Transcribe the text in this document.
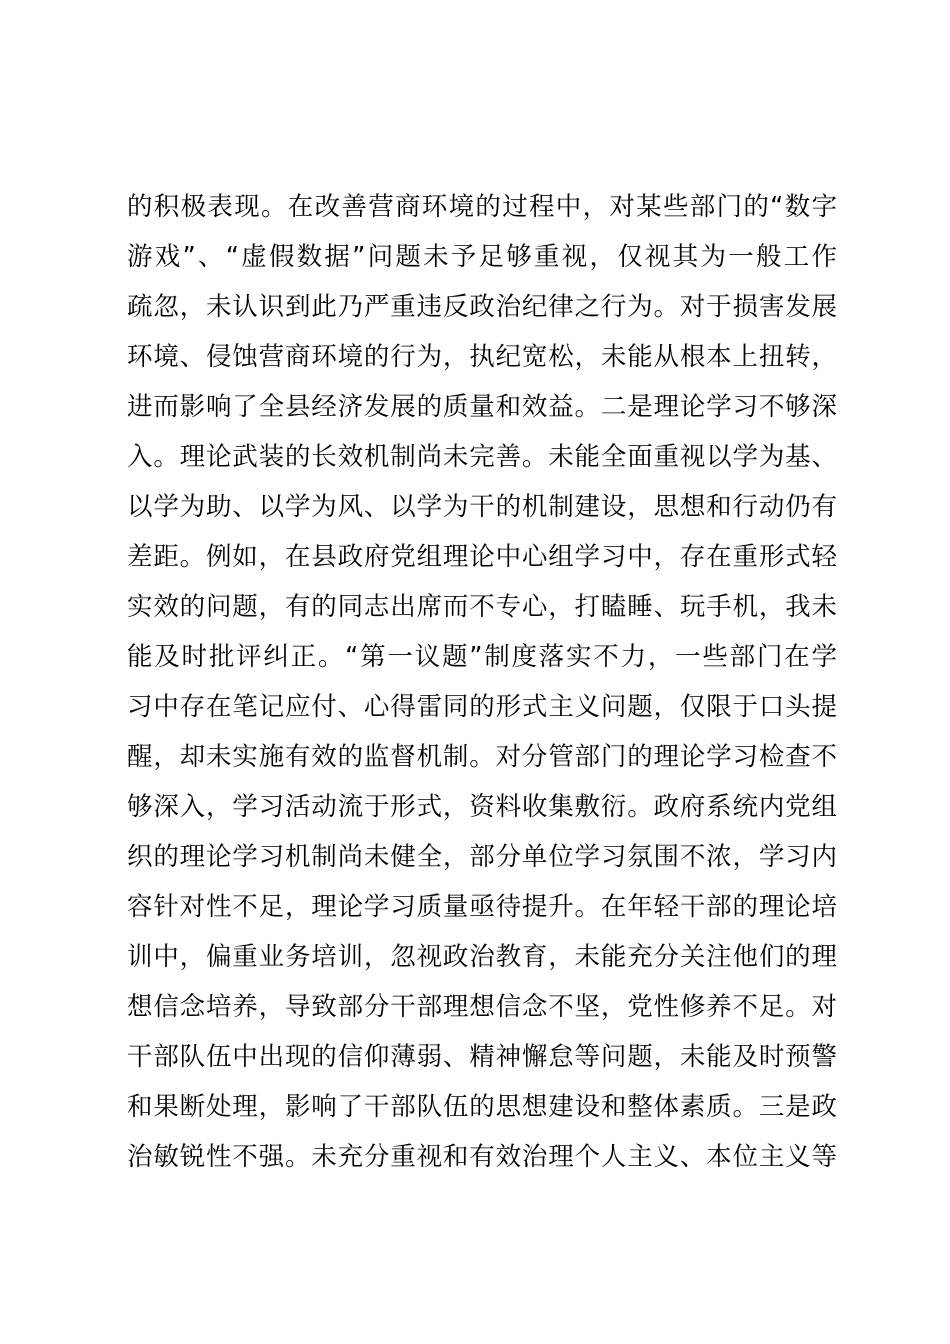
的积极表现。在改善营商环境的过程中，对某些部门的“数字
游戏”、“虚假数据”问题未予足够重视，仅视其为一般工作
疏忽，未认识到此乃严重违反政治纪律之行为。对于损害发展
环境、侵蚀营商环境的行为，执纪宽松，未能从根本上扭转，
进而影响了全县经济发展的质量和效益。二是理论学习不够深
入。理论武装的长效机制尚未完善。未能全面重视以学为基、
以学为助、以学为风、以学为干的机制建设，思想和行动仍有
差距。例如，在县政府党组理论中心组学习中，存在重形式轻
实效的问题，有的同志出席而不专心，打瞌睡、玩手机，我未
能及时批评纠正。“第一议题”制度落实不力，一些部门在学
习中存在笔记应付、心得雷同的形式主义问题，仅限于口头提
醒，却未实施有效的监督机制。对分管部门的理论学习检查不
够深入，学习活动流于形式，资料收集敷衍。政府系统内党组
织的理论学习机制尚未健全，部分单位学习氛围不浓，学习内
容针对性不足，理论学习质量亟待提升。在年轻干部的理论培
训中，偏重业务培训，忽视政治教育，未能充分关注他们的理
想信念培养，导致部分干部理想信念不坚，党性修养不足。对
干部队伍中出现的信仰薄弱、精神懈怠等问题，未能及时预警
和果断处理，影响了干部队伍的思想建设和整体素质。三是政
治敏锐性不强。未充分重视和有效治理个人主义、本位主义等
